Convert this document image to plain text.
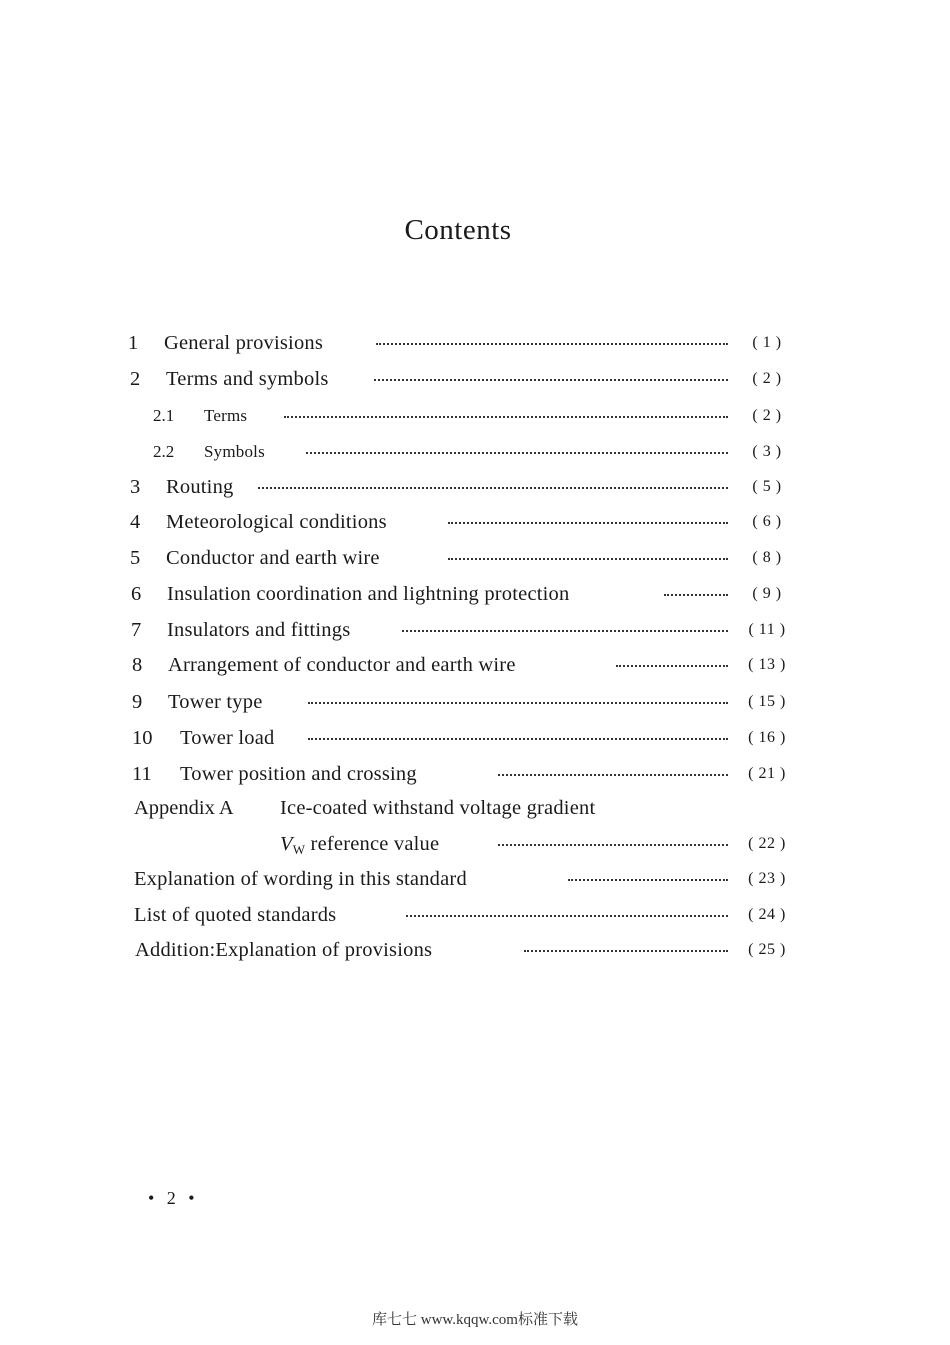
Contents
1 General provisions	( 1 )
2 Terms and symbols	( 2 )
2.1 Terms	( 2 )
2.2 Symbols	( 3 )
3 Routing	( 5 )
4 Meteorological conditions	( 6 )
5 Conductor and earth wire	( 8 )
6 Insulation coordination and lightning protection	( 9 )
7 Insulators and fittings	( 11 )
8 Arrangement of conductor and earth wire	( 13 )
9 Tower type	( 15 )
10 Tower load	( 16 )
11 Tower position and crossing	( 21 )
Appendix A Ice-coated withstand voltage gradient
VW reference value	( 22 )
Explanation of wording in this standard	( 23 )
List of quoted standards	( 24 )
Addition:Explanation of provisions	( 25 )
• 2 •
库七七 www.kqqw.com标准下载
